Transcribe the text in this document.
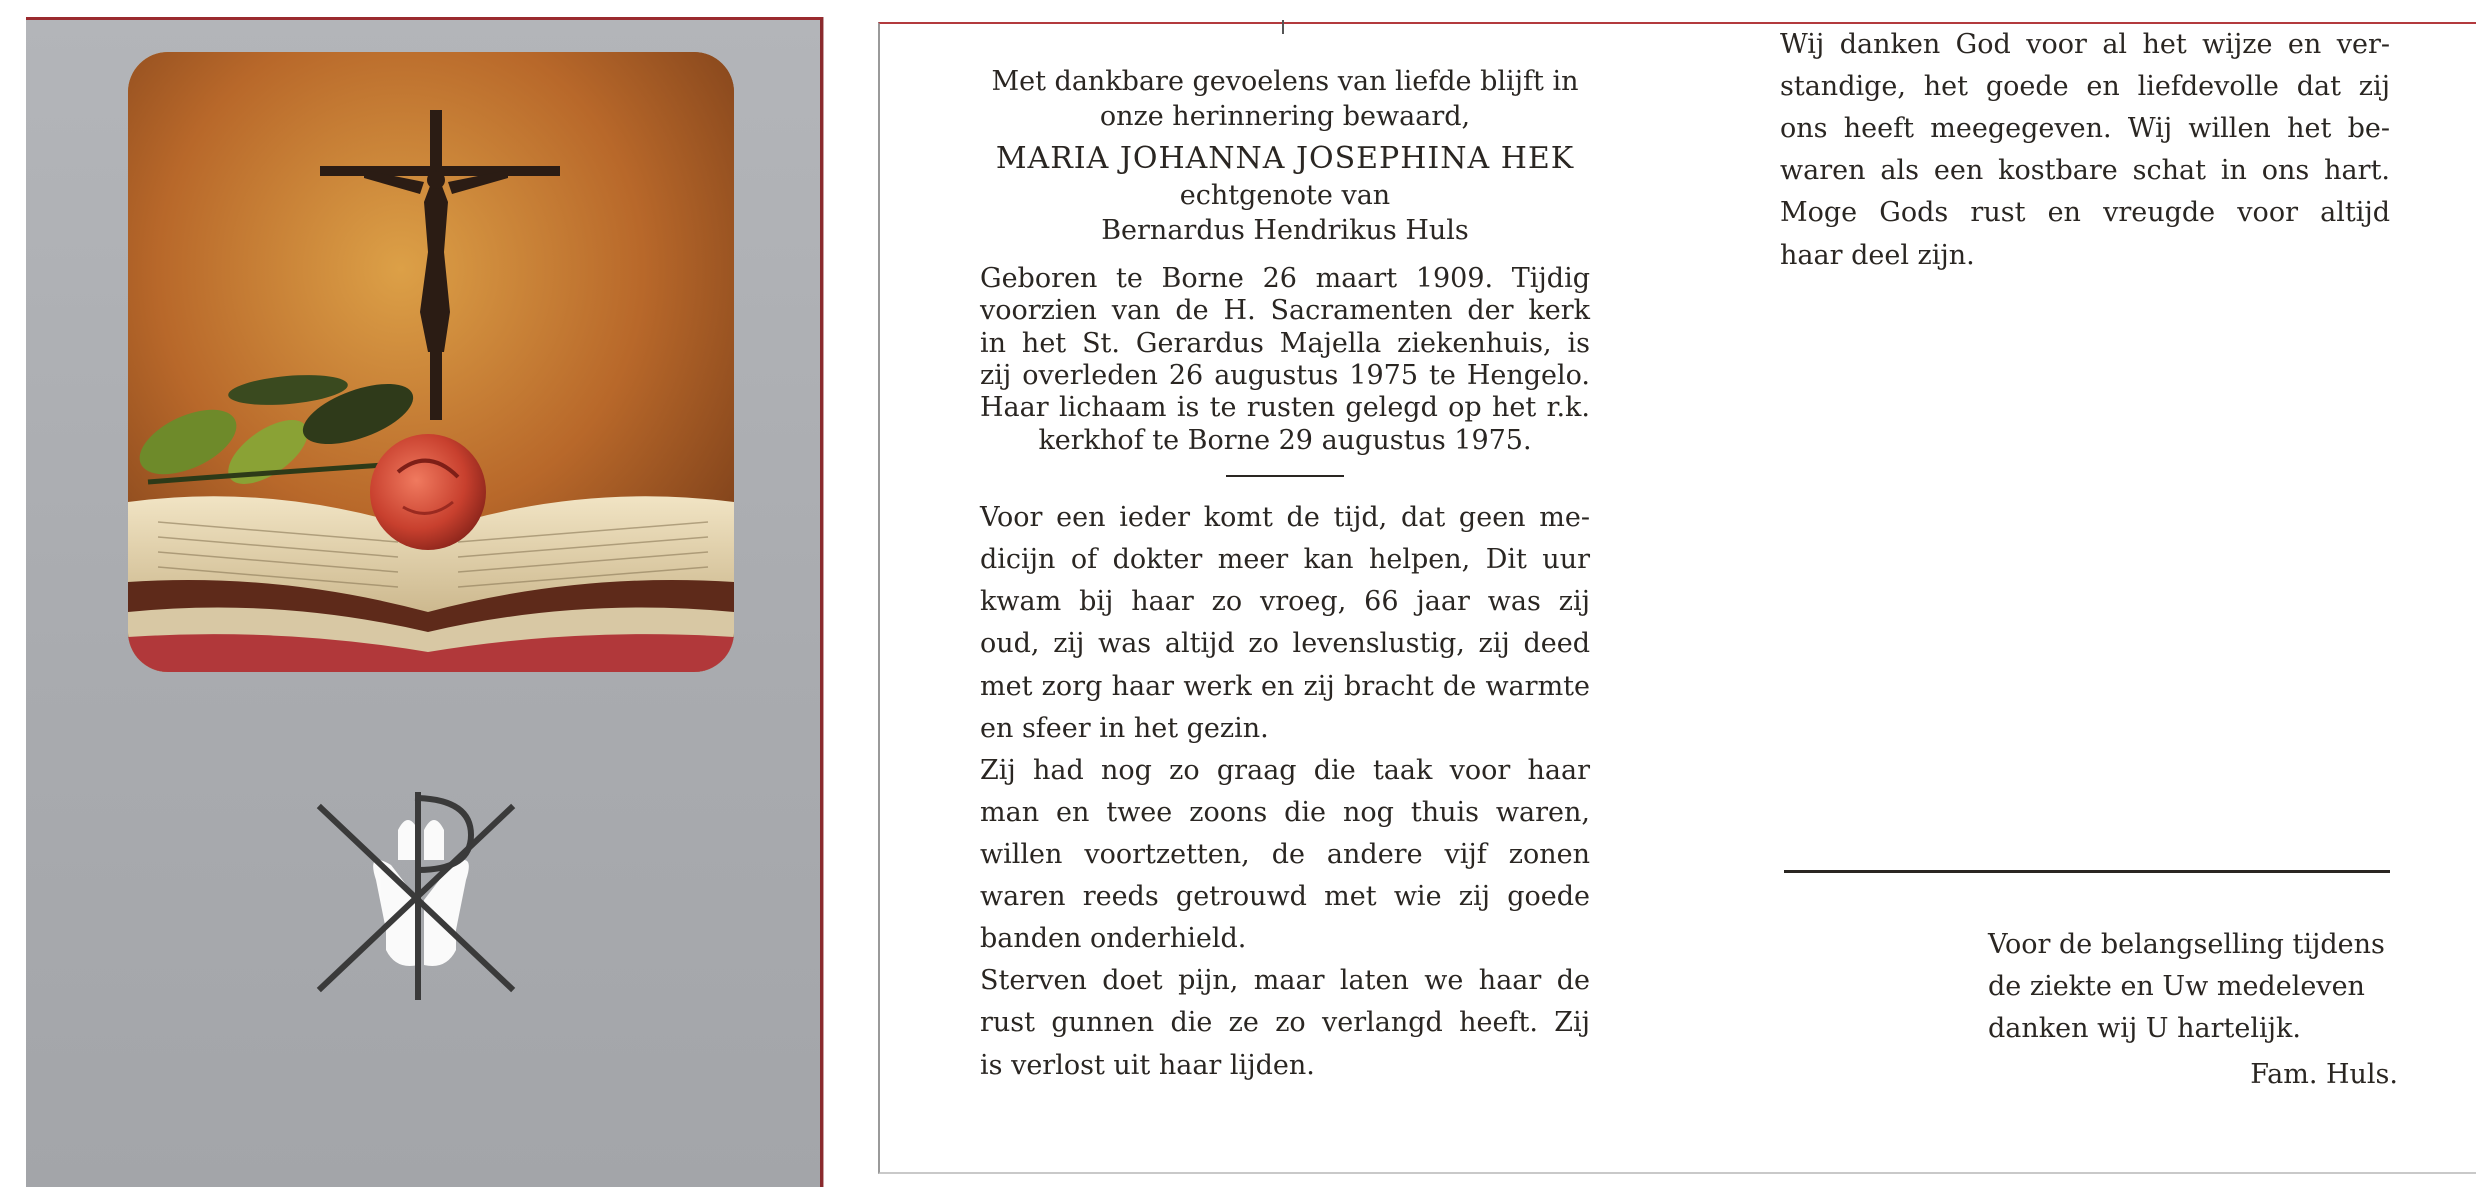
Met dankbare gevoelens van liefde blijft in
onze herinnering bewaard,
MARIA JOHANNA JOSEPHINA HEK
echtgenote van
Bernardus Hendrikus Huls
Geboren te Borne 26 maart 1909. Tijdig
voorzien van de H. Sacramenten der kerk
in het St. Gerardus Majella ziekenhuis, is
zij overleden 26 augustus 1975 te Hengelo.
Haar lichaam is te rusten gelegd op het r.k.
kerkhof te Borne 29 augustus 1975.
Voor een ieder komt de tijd, dat geen me-
dicijn of dokter meer kan helpen, Dit uur
kwam bij haar zo vroeg, 66 jaar was zij
oud, zij was altijd zo levenslustig, zij deed
met zorg haar werk en zij bracht de warmte
en sfeer in het gezin.
Zij had nog zo graag die taak voor haar
man en twee zoons die nog thuis waren,
willen voortzetten, de andere vijf zonen
waren reeds getrouwd met wie zij goede
banden onderhield.
Sterven doet pijn, maar laten we haar de
rust gunnen die ze zo verlangd heeft. Zij
is verlost uit haar lijden.
Wij danken God voor al het wijze en ver-
standige, het goede en liefdevolle dat zij
ons heeft meegegeven. Wij willen het be-
waren als een kostbare schat in ons hart.
Moge Gods rust en vreugde voor altijd
haar deel zijn.
Voor de belangselling tijdens
de ziekte en Uw medeleven
danken wij U hartelijk.
Fam. Huls.
